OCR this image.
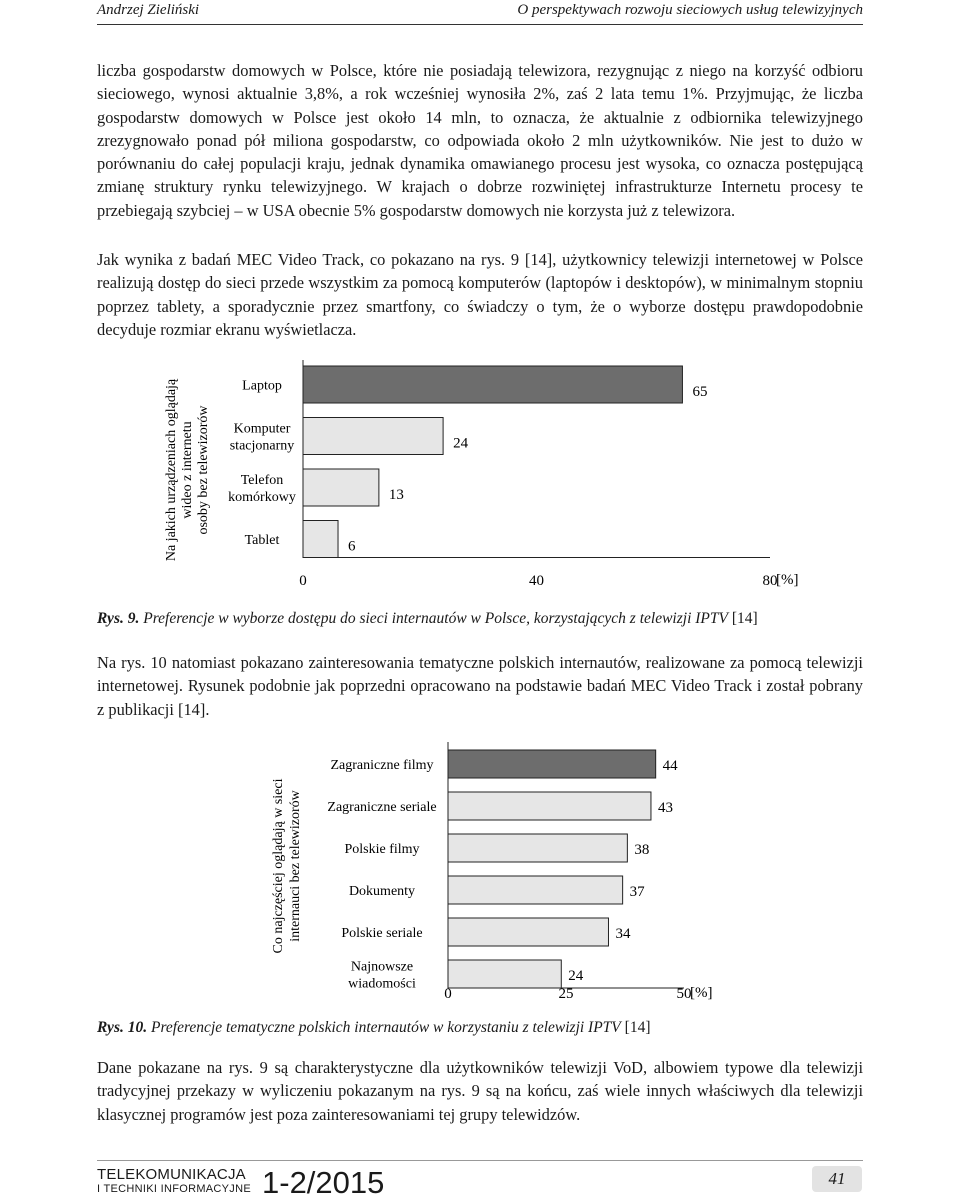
Andrzej Zieliński	O perspektywach rozwoju sieciowych usług telewizyjnych

liczba gospodarstw domowych w Polsce, które nie posiadają telewizora, rezygnując z niego na korzyść odbioru sieciowego, wynosi aktualnie 3,8%, a rok wcześniej wynosiła 2%, zaś 2 lata temu 1%. Przyjmując, że liczba gospodarstw domowych w Polsce jest około 14 mln, to oznacza, że aktualnie z odbiornika telewizyjnego zrezygnowało ponad pół miliona gospodarstw, co odpowiada około 2 mln użytkowników. Nie jest to dużo w porównaniu do całej populacji kraju, jednak dynamika omawianego procesu jest wysoka, co oznacza postępującą zmianę struktury rynku telewizyjnego. W krajach o dobrze rozwiniętej infrastrukturze Internetu procesy te przebiegają szybciej – w USA obecnie 5% gospodarstw domowych nie korzysta już z telewizora.

Jak wynika z badań MEC Video Track, co pokazano na rys. 9 [14], użytkownicy telewizji internetowej w Polsce realizują dostęp do sieci przede wszystkim za pomocą komputerów (laptopów i desktopów), w minimalnym stopniu poprzez tablety, a sporadycznie przez smartfony, co świadczy o tym, że o wyborze dostępu prawdopodobnie decyduje rozmiar ekranu wyświetlacza.

Na jakich urządzeniach oglądają wideo z internetu osoby bez telewizorów
Laptop	65
Komputer
stacjonarny	24
Telefon
komórkowy	13
Tablet	6
0	40	80
[%]
Rys. 9. Preferencje w wyborze dostępu do sieci internautów w Polsce, korzystających z telewizji IPTV [14]

Na rys. 10 natomiast pokazano zainteresowania tematyczne polskich internautów, realizowane za pomocą telewizji internetowej. Rysunek podobnie jak poprzedni opracowano na podstawie badań MEC Video Track i został pobrany z publikacji [14].

Co najczęściej oglądają w sieci internauci bez telewizorów
Zagraniczne filmy	44
Zagraniczne seriale	43
Polskie filmy	38
Dokumenty	37
Polskie seriale	34
Najnowsze
wiadomości	24
0	25	50
[%]
Rys. 10. Preferencje tematyczne polskich internautów w korzystaniu z telewizji IPTV [14]

Dane pokazane na rys. 9 są charakterystyczne dla użytkowników telewizji VoD, albowiem typowe dla telewizji tradycyjnej przekazy w wyliczeniu pokazanym na rys. 9 są na końcu, zaś wiele innych właściwych dla telewizji klasycznej programów jest poza zainteresowaniami tej grupy telewidzów.

TELEKOMUNIKACJA
I TECHNIKI INFORMACYJNE 1-2/2015	41
